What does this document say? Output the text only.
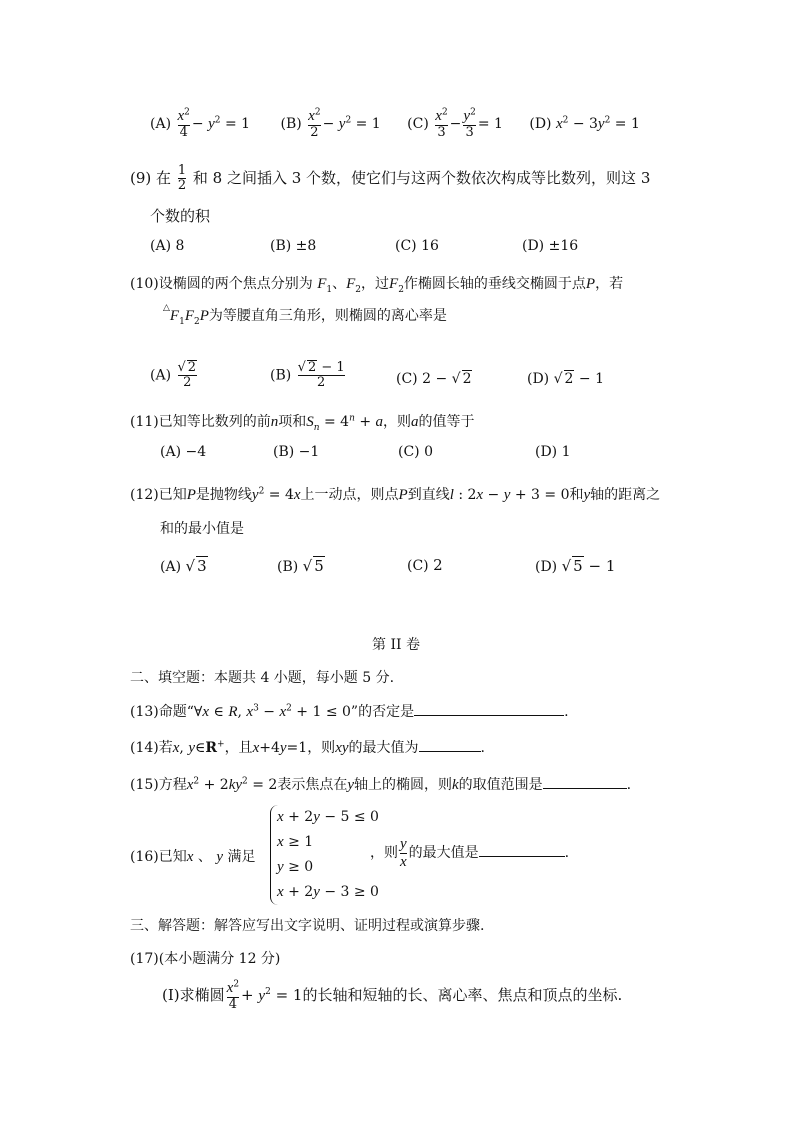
$(A) \frac{x^2}{4} - y^2 = 1$ $(B) \frac{x^2}{2} - y^2 = 1$ $(C) \frac{x^2}{3} - \frac{y^2}{3} = 1$ (D) $x^2 - 3y^2 = 1$
(9) 在 $\frac{1}{2}$ 和 8 之间插入 3 个数，使它们与这两个数依次构成等比数列，则这 3
个数的积
(A) 8	(B) ±8	(C) 16	(D) ±16
(10)设椭圆的两个焦点分别为 $F_1$、$F_2$，过$F_2$作椭圆长轴的垂线交椭圆于点P，若
$^\triangle F_1F_2P$为等腰直角三角形，则椭圆的离心率是
$(A) \frac{√ 2}{2}$	$(B) \frac{√ 2 - 1}{2}$	(C) 2 − √ 2	(D) √ 2 − 1
(11)已知等比数列的前n项和$S_n = 4^n + a$，则a的值等于
(A) −4	(B) −1	(C) 0	(D) 1
(12)已知P是抛物线$y^2 = 4x$上一动点，则点P到直线l : 2x − y + 3 = 0和y轴的距离之
和的最小值是
(A) √ 3	(B) √ 5	(C) 2	(D) √ 5 − 1
第 II 卷
二、填空题：本题共 4 小题，每小题 5 分.
(13)命题“∀x ∈ R, $x^3 - x^2 + 1 \le 0$”的否定是	.
(14)若x, y∈R+，且x+4y=1，则xy的最大值为	.
(15)方程$x^2 + 2ky^2 = 2$表示焦点在y轴上的椭圆，则k的取值范围是	.
(16)已知x 、 y 满足
x + 2y − 5 ≤ 0
x ≥ 1
y ≥ 0
x + 2y − 3 ≥ 0
，则 $\frac{y}{x}$ 的最大值是	.
三、解答题：解答应写出文字说明、证明过程或演算步骤.
(17)(本小题满分 12 分)
(I)求椭圆 $\frac{x^2}{4} + y^2 = 1$的长轴和短轴的长、离心率、焦点和顶点的坐标.
